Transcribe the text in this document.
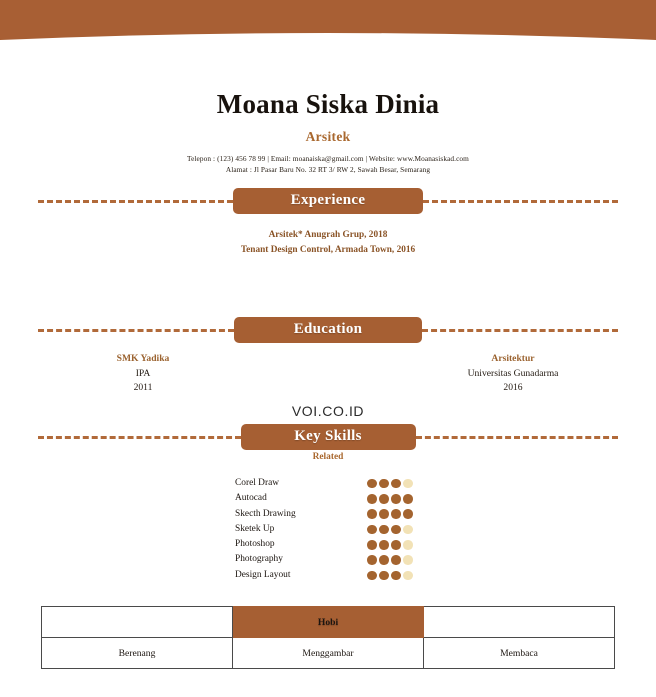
Moana Siska Dinia
Arsitek
Telepon : (123) 456 78 99 | Email: moanaiska@gmail.com | Website: www.Moanasiskad.com
Alamat : Jl Pasar Baru No. 32 RT 3/ RW 2, Sawah Besar, Semarang
Experience
Arsitek* Anugrah Grup, 2018
Tenant Design Control, Armada Town, 2016
Education
SMK Yadika
IPA
2011
Arsitektur
Universitas Gunadarma
2016
VOI.CO.ID
Key Skills
Related
Corel Draw
Autocad
Skecth Drawing
Sketek Up
Photoshop
Photography
Design Layout
	Hobi	
Berenang	Menggambar	Membaca
